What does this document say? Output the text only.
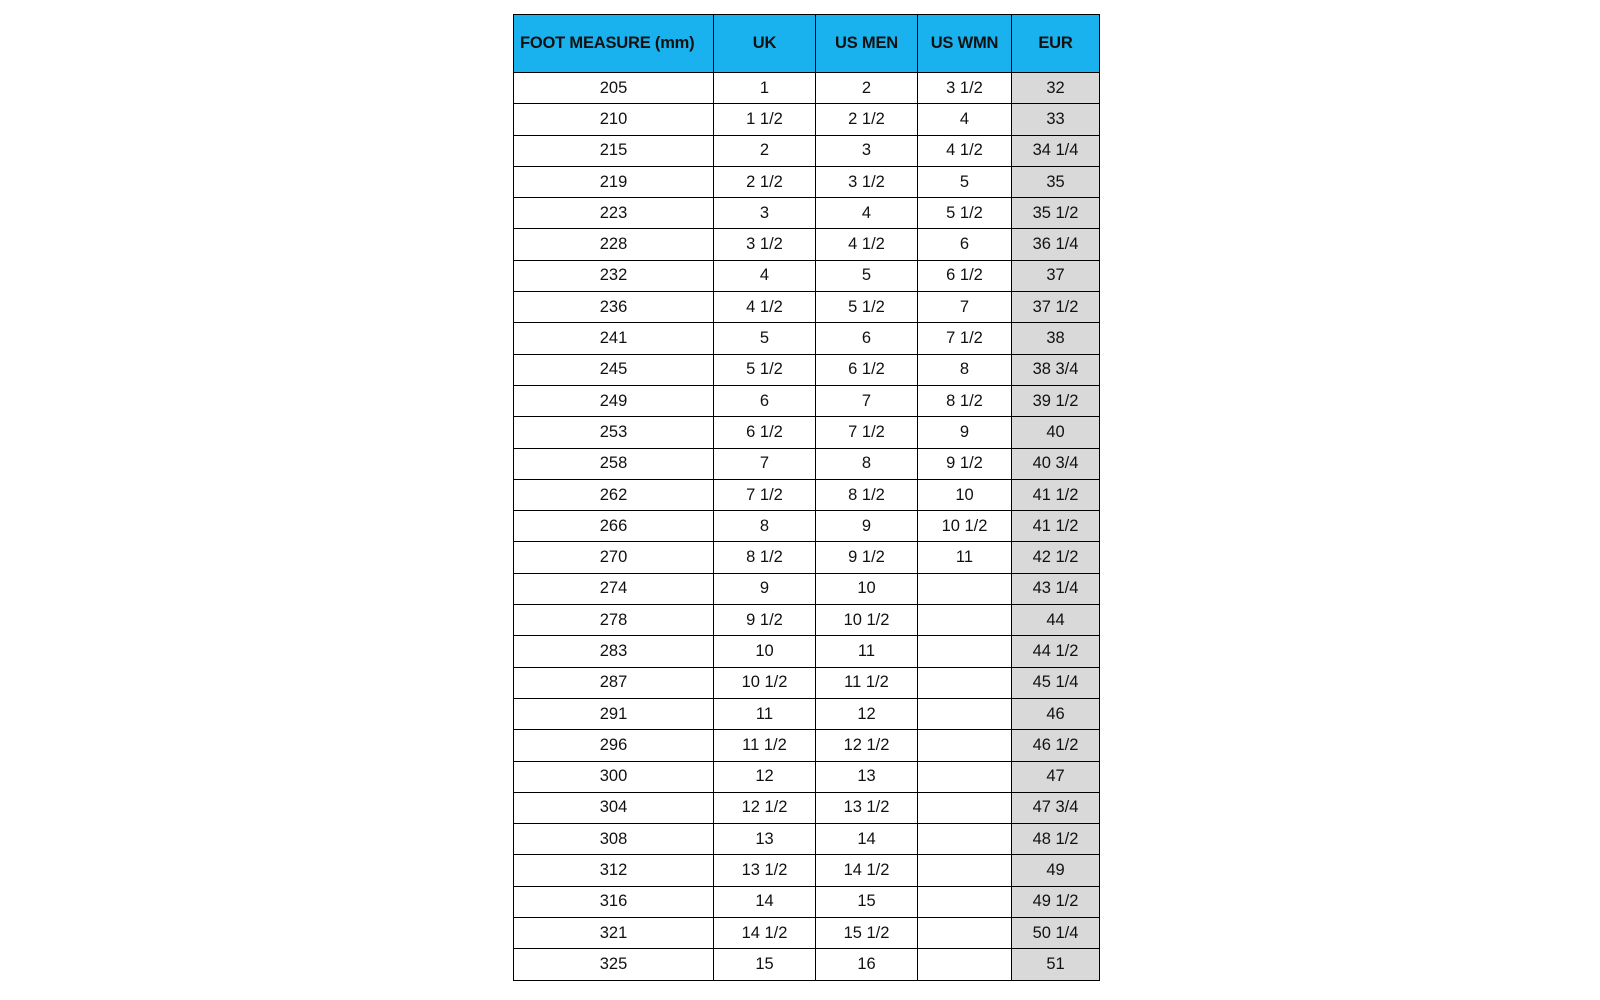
FOOT MEASURE (mm)	UK	US MEN	US WMN	EUR
205	1	2	3 1/2	32
210	1 1/2	2 1/2	4	33
215	2	3	4 1/2	34 1/4
219	2 1/2	3 1/2	5	35
223	3	4	5 1/2	35 1/2
228	3 1/2	4 1/2	6	36 1/4
232	4	5	6 1/2	37
236	4 1/2	5 1/2	7	37 1/2
241	5	6	7 1/2	38
245	5 1/2	6 1/2	8	38 3/4
249	6	7	8 1/2	39 1/2
253	6 1/2	7 1/2	9	40
258	7	8	9 1/2	40 3/4
262	7 1/2	8 1/2	10	41 1/2
266	8	9	10 1/2	41 1/2
270	8 1/2	9 1/2	11	42 1/2
274	9	10		43 1/4
278	9 1/2	10 1/2		44
283	10	11		44 1/2
287	10 1/2	11 1/2		45 1/4
291	11	12		46
296	11 1/2	12 1/2		46 1/2
300	12	13		47
304	12 1/2	13 1/2		47 3/4
308	13	14		48 1/2
312	13 1/2	14 1/2		49
316	14	15		49 1/2
321	14 1/2	15 1/2		50 1/4
325	15	16		51
